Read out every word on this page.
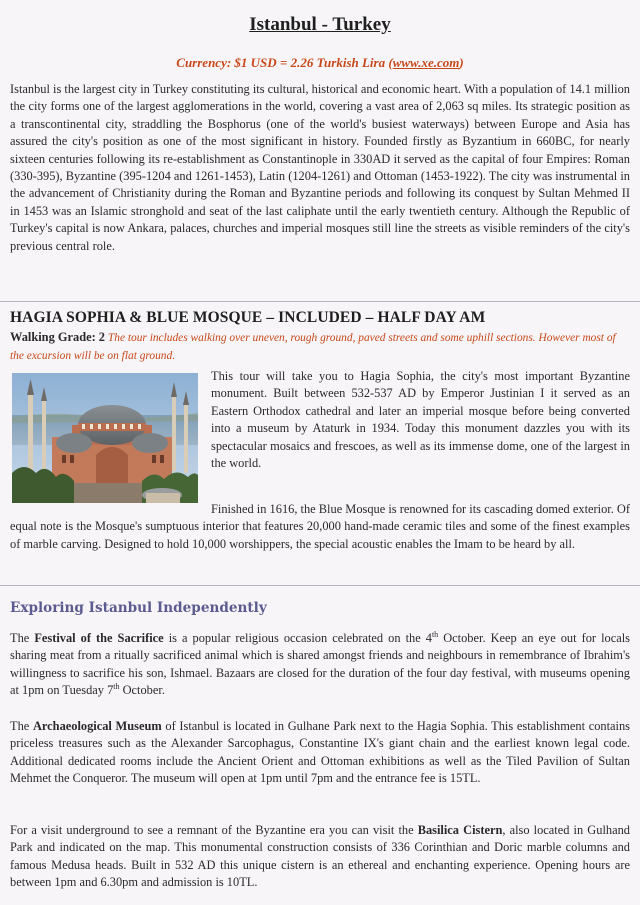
Istanbul - Turkey
Currency: $1 USD = 2.26 Turkish Lira (www.xe.com)

Istanbul is the largest city in Turkey constituting its cultural, historical and economic heart. With a population of 14.1 million the city forms one of the largest agglomerations in the world, covering a vast area of 2,063 sq miles. Its strategic position as a transcontinental city, straddling the Bosphorus (one of the world's busiest waterways) between Europe and Asia has assured the city's position as one of the most significant in history. Founded firstly as Byzantium in 660BC, for nearly sixteen centuries following its re-establishment as Constantinople in 330AD it served as the capital of four Empires: Roman (330-395), Byzantine (395-1204 and 1261-1453), Latin (1204-1261) and Ottoman (1453-1922). The city was instrumental in the advancement of Christianity during the Roman and Byzantine periods and following its conquest by Sultan Mehmed II in 1453 was an Islamic stronghold and seat of the last caliphate until the early twentieth century. Although the Republic of Turkey's capital is now Ankara, palaces, churches and imperial mosques still line the streets as visible reminders of the city's previous central role.

HAGIA SOPHIA & BLUE MOSQUE – INCLUDED – HALF DAY AM
Walking Grade: 2 The tour includes walking over uneven, rough ground, paved streets and some uphill sections. However most of the excursion will be on flat ground.

This tour will take you to Hagia Sophia, the city's most important Byzantine monument. Built between 532-537 AD by Emperor Justinian I it served as an Eastern Orthodox cathedral and later an imperial mosque before being converted into a museum by Ataturk in 1934. Today this monument dazzles you with its spectacular mosaics and frescoes, as well as its immense dome, one of the largest in the world.

Finished in 1616, the Blue Mosque is renowned for its cascading domed exterior. Of equal note is the Mosque's sumptuous interior that features 20,000 hand-made ceramic tiles and some of the finest examples of marble carving. Designed to hold 10,000 worshippers, the special acoustic enables the Imam to be heard by all.

Exploring Istanbul Independently

The Festival of the Sacrifice is a popular religious occasion celebrated on the 4th October. Keep an eye out for locals sharing meat from a ritually sacrificed animal which is shared amongst friends and neighbours in remembrance of Ibrahim's willingness to sacrifice his son, Ishmael. Bazaars are closed for the duration of the four day festival, with museums opening at 1pm on Tuesday 7th October.

The Archaeological Museum of Istanbul is located in Gulhane Park next to the Hagia Sophia. This establishment contains priceless treasures such as the Alexander Sarcophagus, Constantine IX's giant chain and the earliest known legal code. Additional dedicated rooms include the Ancient Orient and Ottoman exhibitions as well as the Tiled Pavilion of Sultan Mehmet the Conqueror. The museum will open at 1pm until 7pm and the entrance fee is 15TL.

For a visit underground to see a remnant of the Byzantine era you can visit the Basilica Cistern, also located in Gulhand Park and indicated on the map. This monumental construction consists of 336 Corinthian and Doric marble columns and famous Medusa heads. Built in 532 AD this unique cistern is an ethereal and enchanting experience. Opening hours are between 1pm and 6.30pm and admission is 10TL.
